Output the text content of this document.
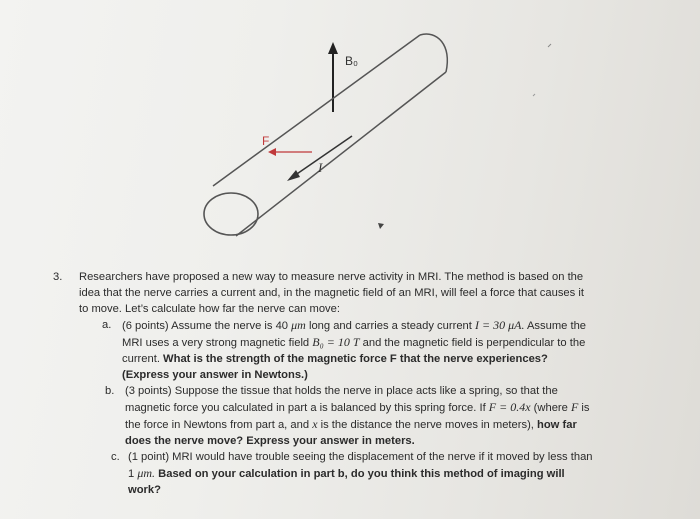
B₀
F
I
3. Researchers have proposed a new way to measure nerve activity in MRI. The method is based on the idea that the nerve carries a current and, in the magnetic field of an MRI, will feel a force that causes it to move. Let’s calculate how far the nerve can move:
a. (6 points) Assume the nerve is 40 μm long and carries a steady current I = 30 μA. Assume the MRI uses a very strong magnetic field B₀ = 10 T and the magnetic field is perpendicular to the current. What is the strength of the magnetic force F that the nerve experiences? (Express your answer in Newtons.)
b. (3 points) Suppose the tissue that holds the nerve in place acts like a spring, so that the magnetic force you calculated in part a is balanced by this spring force. If F = 0.4x (where F is the force in Newtons from part a, and x is the distance the nerve moves in meters), how far does the nerve move? Express your answer in meters.
c. (1 point) MRI would have trouble seeing the displacement of the nerve if it moved by less than 1 μm. Based on your calculation in part b, do you think this method of imaging will work?
